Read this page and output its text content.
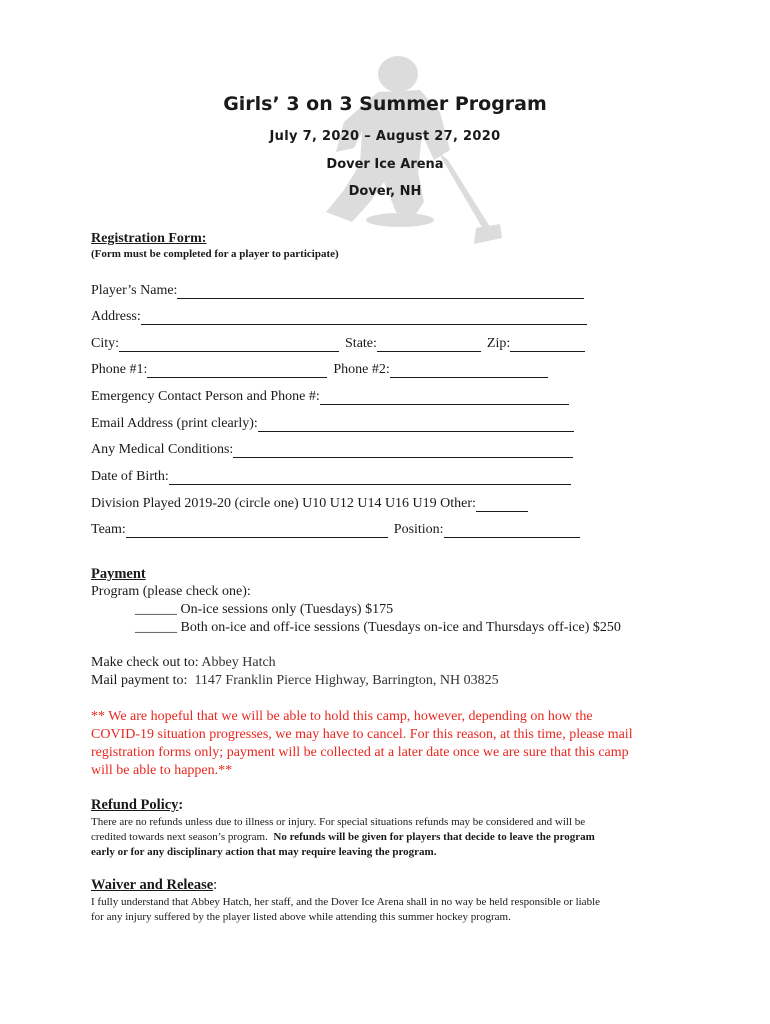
Girls’ 3 on 3 Summer Program
July 7, 2020 – August 27, 2020
Dover Ice Arena
Dover, NH
Registration Form:
(Form must be completed for a player to participate)
Player’s Name:
Address:
City:	State:	Zip:
Phone #1:	Phone #2:
Emergency Contact Person and Phone #:
Email Address (print clearly):
Any Medical Conditions:
Date of Birth:
Division Played 2019-20 (circle one) U10 U12 U14 U16 U19 Other:
Team:	Position:
Payment
Program (please check one):
______ On-ice sessions only (Tuesdays) $175
______ Both on-ice and off-ice sessions (Tuesdays on-ice and Thursdays off-ice) $250
Make check out to: Abbey Hatch
Mail payment to:  1147 Franklin Pierce Highway, Barrington, NH 03825
** We are hopeful that we will be able to hold this camp, however, depending on how the
COVID-19 situation progresses, we may have to cancel. For this reason, at this time, please mail
registration forms only; payment will be collected at a later date once we are sure that this camp
will be able to happen.**
Refund Policy:
There are no refunds unless due to illness or injury. For special situations refunds may be considered and will be
credited towards next season’s program.  No refunds will be given for players that decide to leave the program
early or for any disciplinary action that may require leaving the program.
Waiver and Release:
I fully understand that Abbey Hatch, her staff, and the Dover Ice Arena shall in no way be held responsible or liable
for any injury suffered by the player listed above while attending this summer hockey program.
